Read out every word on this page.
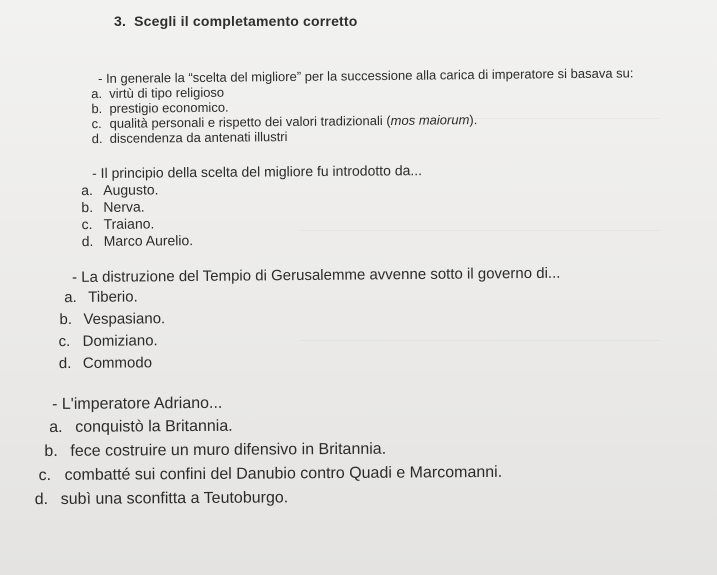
3. Scegli il completamento corretto

- In generale la “scelta del migliore” per la successione alla carica di imperatore si basava su:

a. virtù di tipo religioso

b. prestigio economico.

c. qualità personali e rispetto dei valori tradizionali (mos maiorum).

d. discendenza da antenati illustri

- Il principio della scelta del migliore fu introdotto da...

a. Augusto.

b. Nerva.

c. Traiano.

d. Marco Aurelio.

- La distruzione del Tempio di Gerusalemme avvenne sotto il governo di...

a. Tiberio.

b. Vespasiano.

c. Domiziano.

d. Commodo

- L'imperatore Adriano...

a. conquistò la Britannia.

b. fece costruire un muro difensivo in Britannia.

c. combatté sui confini del Danubio contro Quadi e Marcomanni.

d. subì una sconfitta a Teutoburgo.
